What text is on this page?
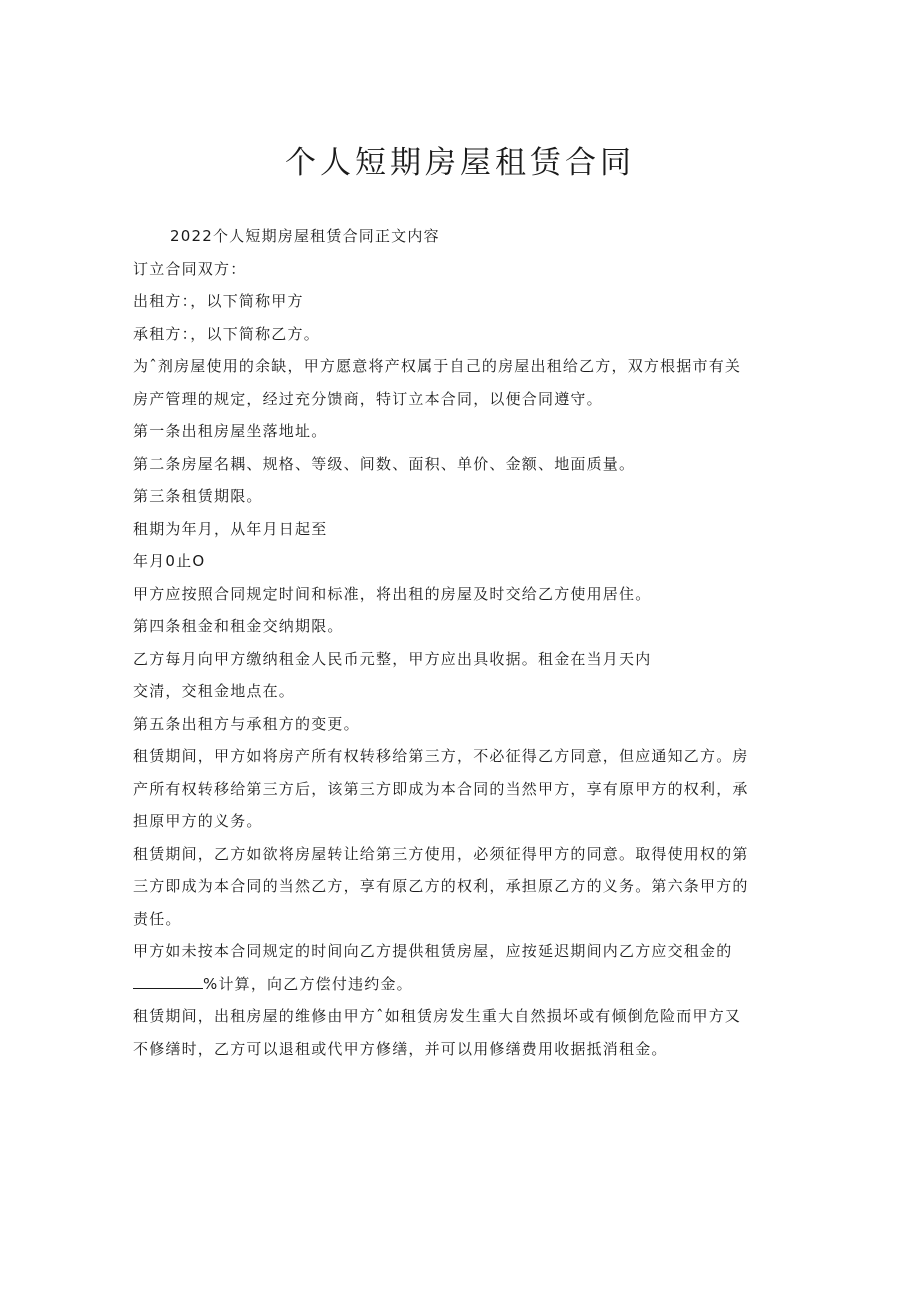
个人短期房屋租赁合同

2022个人短期房屋租赁合同正文内容

订立合同双方：

出租方：，以下简称甲方

承租方：，以下简称乙方。

为ˆ剂房屋使用的余缺，甲方愿意将产权属于自己的房屋出租给乙方，双方根据市有关

房产管理的规定，经过充分馈商，特订立本合同，以便合同遵守。

第一条出租房屋坐落地址。

第二条房屋名耦、规格、等级、间数、面积、单价、金额、地面质量。

第三条租赁期限。

租期为年月，从年月日起至

年月0止O

甲方应按照合同规定时间和标准，将出租的房屋及时交给乙方使用居住。

第四条租金和租金交纳期限。

乙方每月向甲方缴纳租金人民币元整，甲方应出具收据。租金在当月天内

交清，交租金地点在。

第五条出租方与承租方的变更。

租赁期间，甲方如将房产所有权转移给第三方，不必征得乙方同意，但应通知乙方。房

产所有权转移给第三方后，该第三方即成为本合同的当然甲方，享有原甲方的权利，承

担原甲方的义务。

租赁期间，乙方如欲将房屋转让给第三方使用，必须征得甲方的同意。取得使用权的第

三方即成为本合同的当然乙方，享有原乙方的权利，承担原乙方的义务。第六条甲方的

责任。

甲方如未按本合同规定的时间向乙方提供租赁房屋，应按延迟期间内乙方应交租金的

%计算，向乙方偿付违约金。

租赁期间，出租房屋的维修由甲方ˆ如租赁房发生重大自然损坏或有倾倒危险而甲方又

不修缮时，乙方可以退租或代甲方修缮，并可以用修缮费用收据抵消租金。
